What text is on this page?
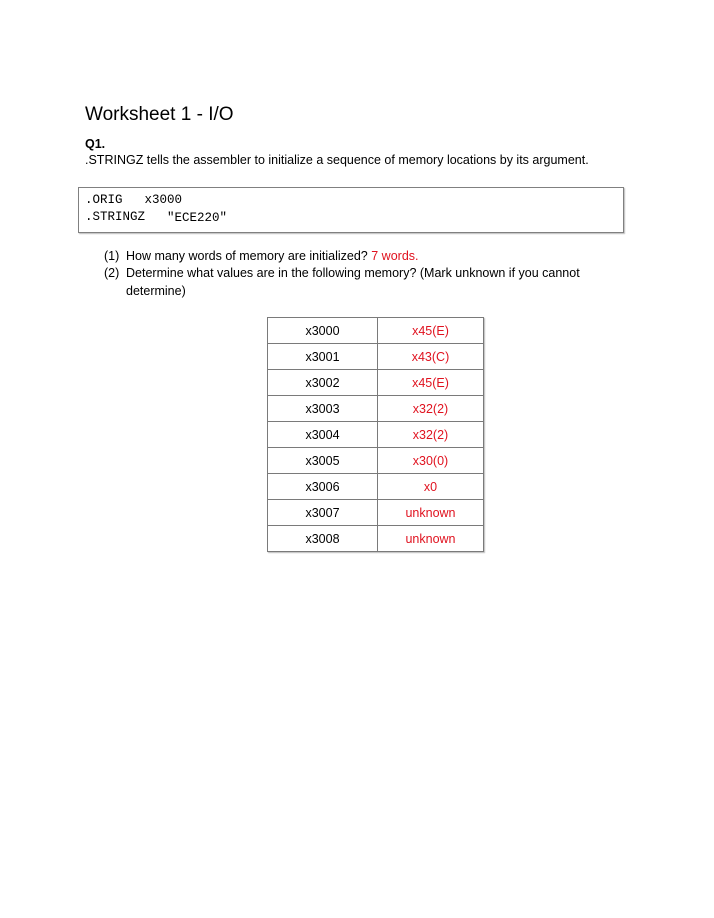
Worksheet 1 - I/O
Q1.
.STRINGZ tells the assembler to initialize a sequence of memory locations by its argument.
.ORIG x3000
.STRINGZ "ECE220"
(1) How many words of memory are initialized? 7 words.
(2) Determine what values are in the following memory? (Mark unknown if you cannot determine)
x3000	x45(E)
x3001	x43(C)
x3002	x45(E)
x3003	x32(2)
x3004	x32(2)
x3005	x30(0)
x3006	x0
x3007	unknown
x3008	unknown
